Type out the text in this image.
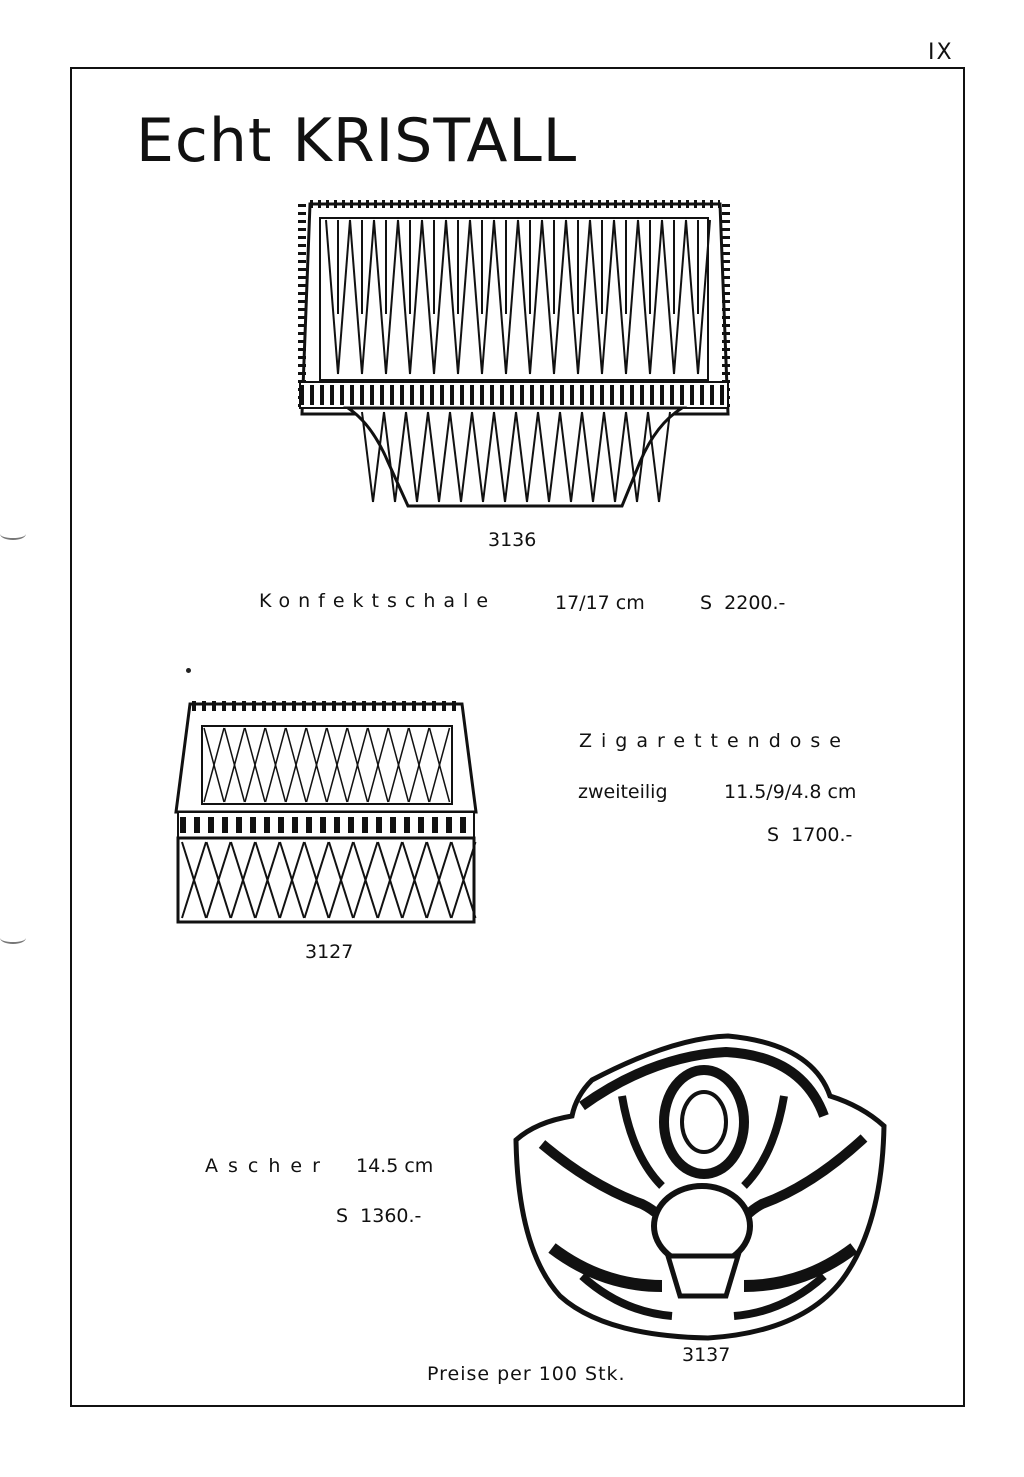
IX
Echt KRISTALL
3136
Konfektschale	17/17 cm	S  2200.-
3127
Zigarettendose
zweiteilig	11.5/9/4.8 cm
S  1700.-
Ascher 14.5 cm
S  1360.-
3137
Preise per 100 Stk.
